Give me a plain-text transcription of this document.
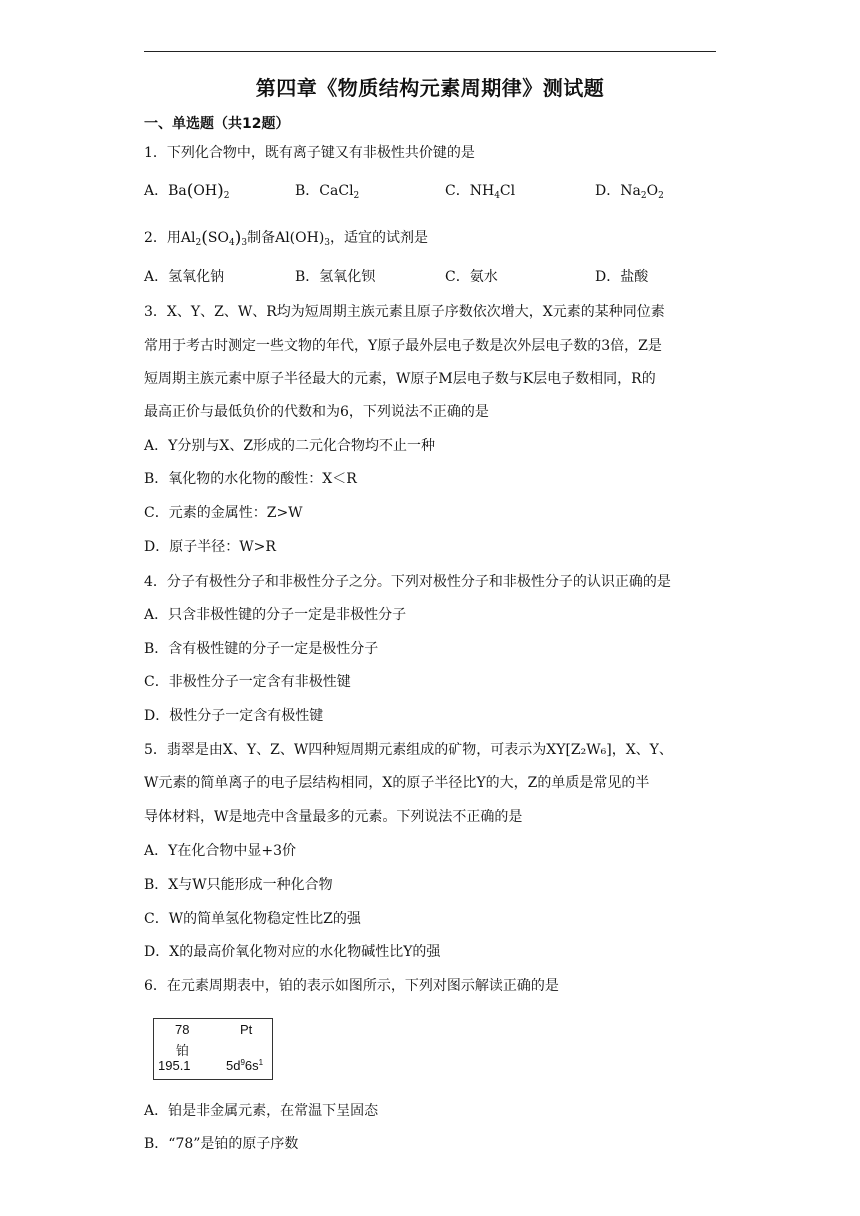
第四章《物质结构元素周期律》测试题
一、单选题（共12题）
1．下列化合物中，既有离子键又有非极性共价键的是
A．$Ba(OH)_2$	B．CaCl$_2$	C．$NH_4Cl$	D．$Na_2O_2$
2．用$Al_2(SO_4)_3$制备$Al(OH)_3$，适宜的试剂是
A．氢氧化钠	B．氢氧化钡	C．氨水	D．盐酸
3．X、Y、Z、W、R均为短周期主族元素且原子序数依次增大，X元素的某种同位素
常用于考古时测定一些文物的年代，Y原子最外层电子数是次外层电子数的3倍，Z是
短周期主族元素中原子半径最大的元素，W原子M层电子数与K层电子数相同，R的
最高正价与最低负价的代数和为6，下列说法不正确的是
A．Y分别与X、Z形成的二元化合物均不止一种
B．氧化物的水化物的酸性：X＜R
C．元素的金属性：Z>W
D．原子半径：W>R
4．分子有极性分子和非极性分子之分。下列对极性分子和非极性分子的认识正确的是
A．只含非极性键的分子一定是非极性分子
B．含有极性键的分子一定是极性分子
C．非极性分子一定含有非极性键
D．极性分子一定含有极性键
5．翡翠是由X、Y、Z、W四种短周期元素组成的矿物，可表示为XY[Z₂W₆]，X、Y、
W元素的简单离子的电子层结构相同，X的原子半径比Y的大，Z的单质是常见的半
导体材料，W是地壳中含量最多的元素。下列说法不正确的是
A．Y在化合物中显+3价
B．X与W只能形成一种化合物
C．W的简单氢化物稳定性比Z的强
D．X的最高价氧化物对应的水化物碱性比Y的强
6．在元素周期表中，铂的表示如图所示，下列对图示解读正确的是
78	Pt
铂
195.1	$5d^96s^1$
A．铂是非金属元素，在常温下呈固态
B．“78”是铂的原子序数
